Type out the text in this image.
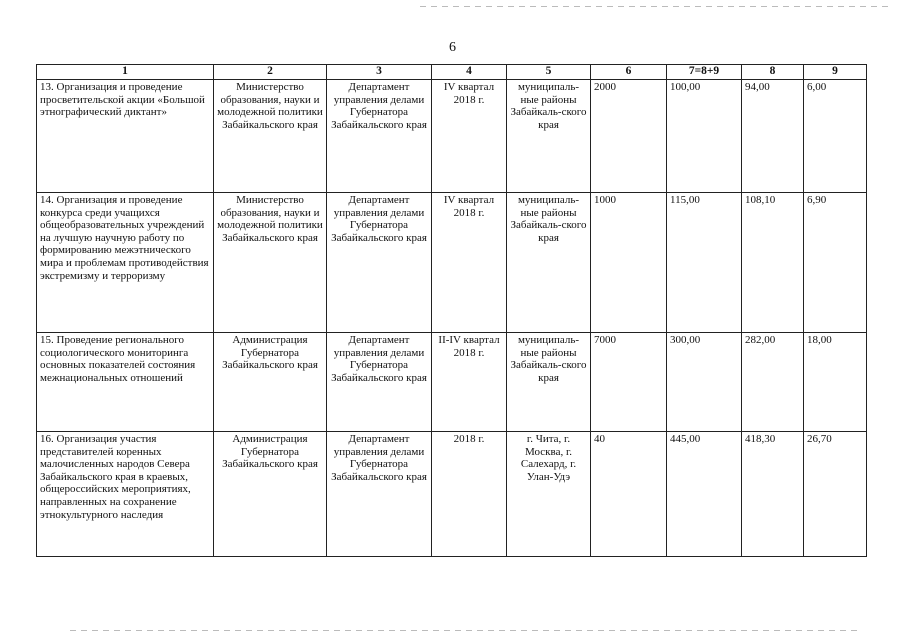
6
1	2	3	4	5	6	7=8+9	8	9
13. Организация и проведение просветительской акции «Большой этнографический диктант»	Министерство образования, науки и молодежной политики Забайкальского края	Департамент управления делами Губернатора Забайкальского края	IV квартал 2018 г.	муниципаль-ные районы Забайкаль-ского края	2000	100,00	94,00	6,00
14. Организация и проведение конкурса среди учащихся общеобразовательных учреждений на лучшую научную работу по формированию межэтнического мира и проблемам противодействия экстремизму и терроризму	Министерство образования, науки и молодежной политики Забайкальского края	Департамент управления делами Губернатора Забайкальского края	IV квартал 2018 г.	муниципаль-ные районы Забайкаль-ского края	1000	115,00	108,10	6,90
15. Проведение регионального социологического мониторинга основных показателей состояния межнациональных отношений	Администрация Губернатора Забайкальского края	Департамент управления делами Губернатора Забайкальского края	II-IV квартал 2018 г.	муниципаль-ные районы Забайкаль-ского края	7000	300,00	282,00	18,00
16. Организация участия представителей коренных малочисленных народов Севера Забайкальского края в краевых, общероссийских мероприятиях, направленных на сохранение этнокультурного наследия	Администрация Губернатора Забайкальского края	Департамент управления делами Губернатора Забайкальского края	2018 г.	г. Чита, г. Москва, г. Салехард, г. Улан-Удэ	40	445,00	418,30	26,70
